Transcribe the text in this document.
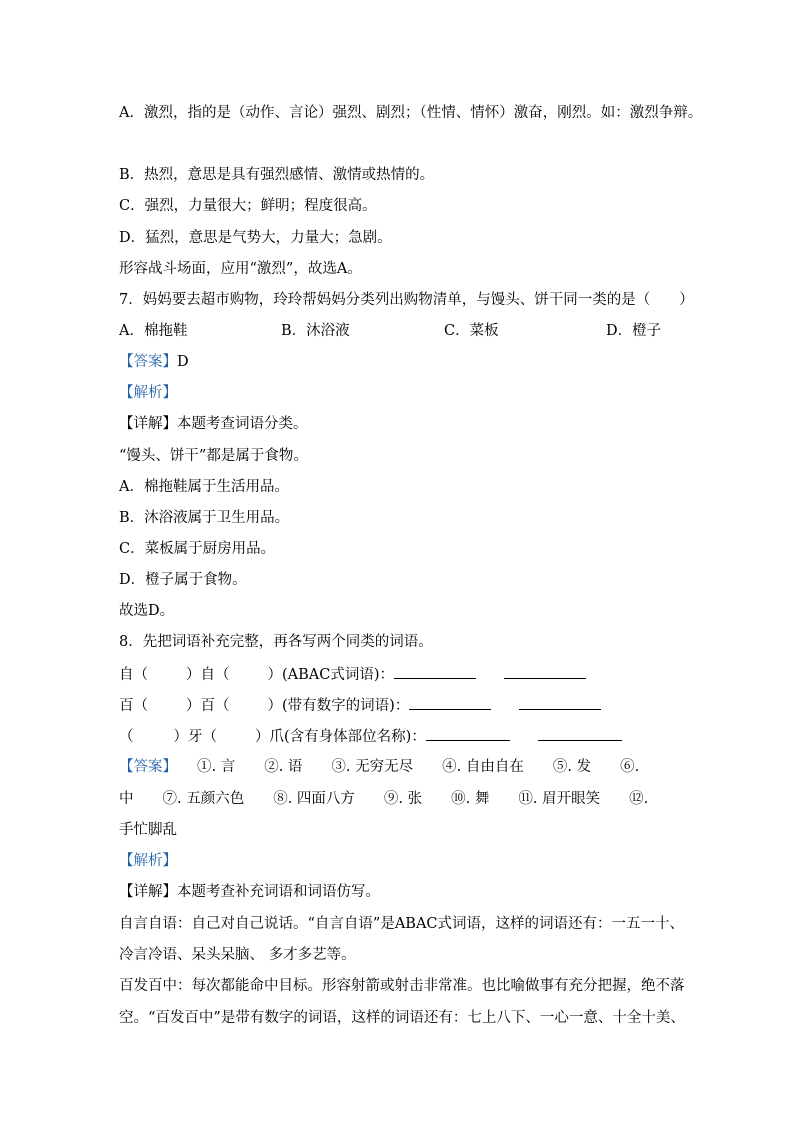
A．激烈，指的是（动作、言论）强烈、剧烈；（性情、情怀）激奋，刚烈。如：激烈争辩。
B．热烈，意思是具有强烈感情、激情或热情的。
C．强烈，力量很大；鲜明；程度很高。
D．猛烈，意思是气势大，力量大；急剧。
形容战斗场面，应用“激烈”，故选A。
7．妈妈要去超市购物，玲玲帮妈妈分类列出购物清单，与馒头、饼干同一类的是（　　）
A．棉拖鞋	B．沐浴液	C．菜板	D．橙子
【答案】D
【解析】
【详解】本题考查词语分类。
“馒头、饼干”都是属于食物。
A．棉拖鞋属于生活用品。
B．沐浴液属于卫生用品。
C．菜板属于厨房用品。
D．橙子属于食物。
故选D。
8．先把词语补充完整，再各写两个同类的词语。
自（	）自（	）(ABAC式词语)：
百（	）百（	）(带有数字的词语)：
（	）牙（	）爪(含有身体部位名称)：
【答案】 ①. 言　　②. 语　　③. 无穷无尽　　④. 自由自在　　⑤. 发　　⑥.
中　　⑦. 五颜六色　　⑧. 四面八方　　⑨. 张　　⑩. 舞　　⑪. 眉开眼笑　　⑫.
手忙脚乱
【解析】
【详解】本题考查补充词语和词语仿写。
自言自语：自己对自己说话。“自言自语”是ABAC式词语，这样的词语还有：一五一十、
冷言冷语、呆头呆脑、 多才多艺等。
百发百中：每次都能命中目标。形容射箭或射击非常准。也比喻做事有充分把握，绝不落
空。“百发百中”是带有数字的词语，这样的词语还有：七上八下、一心一意、十全十美、
